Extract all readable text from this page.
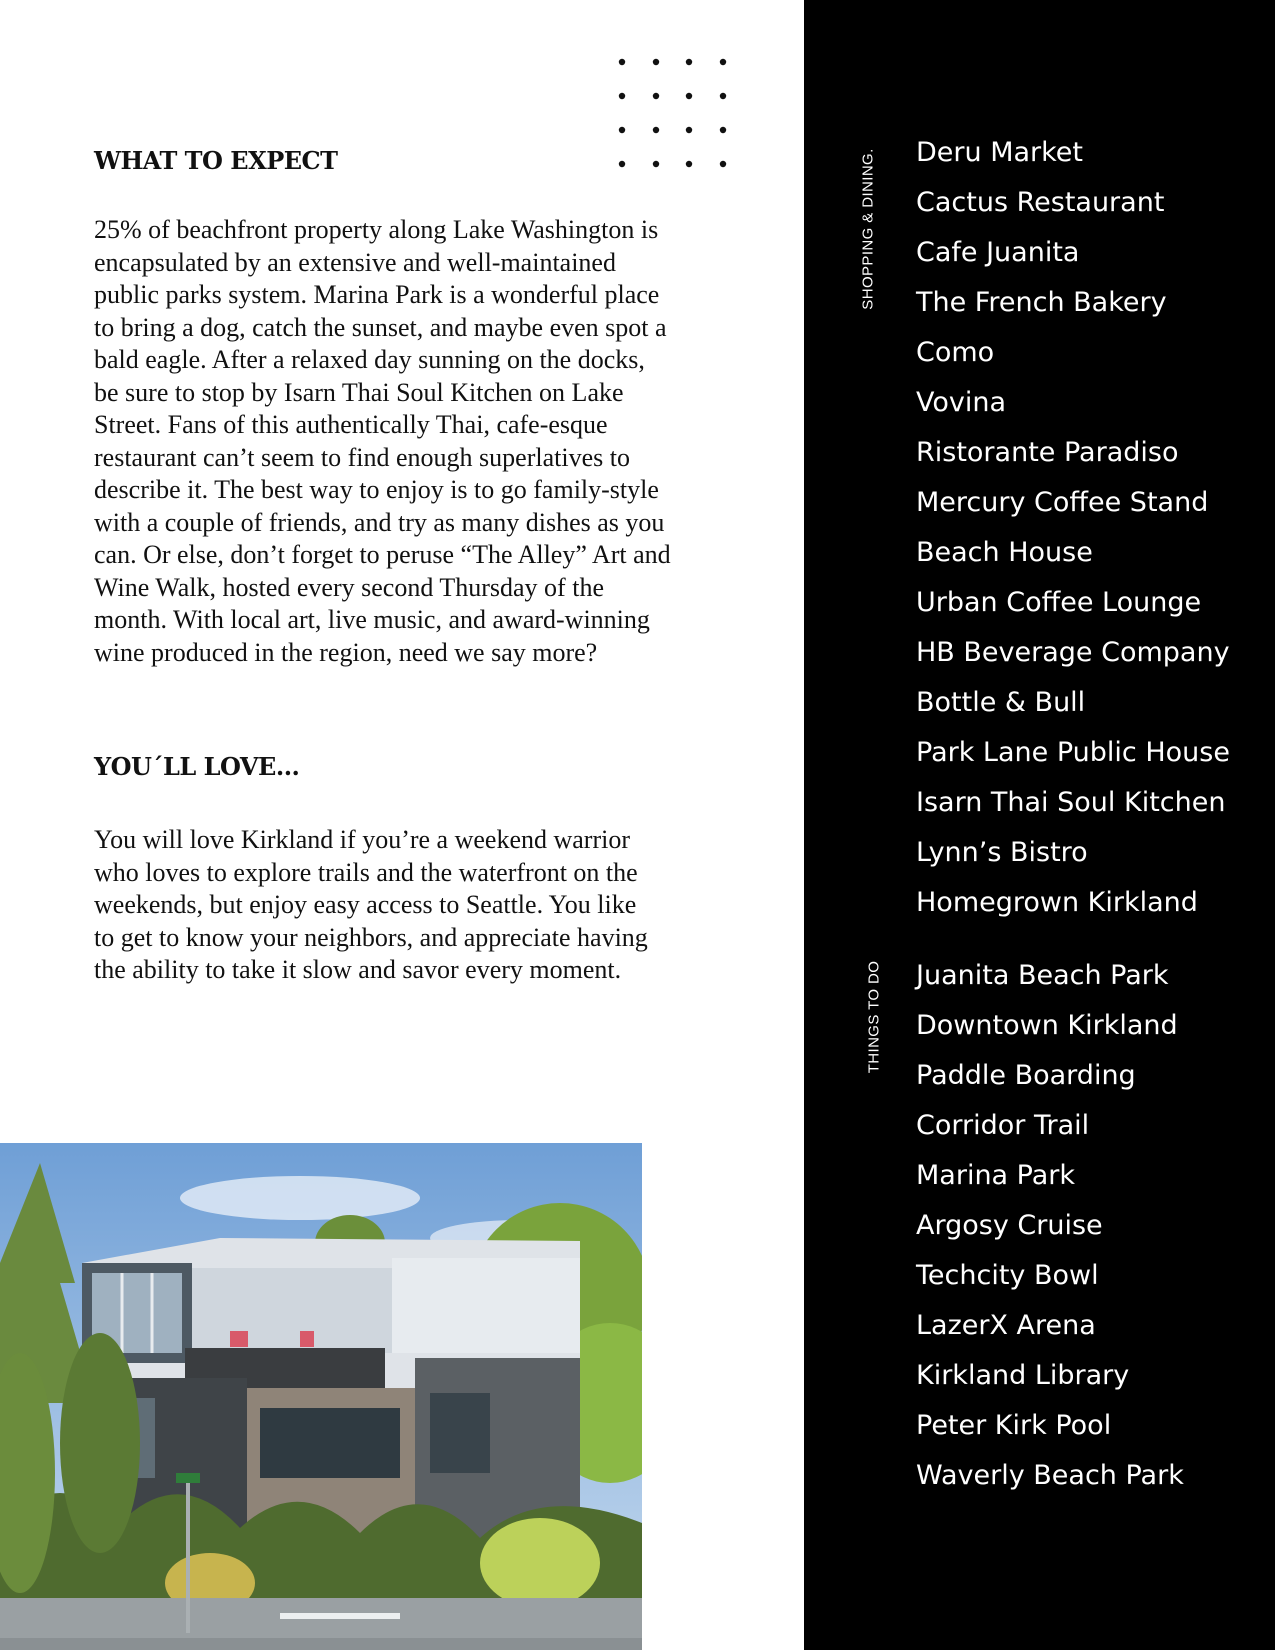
WHAT TO EXPECT

25% of beachfront property along Lake Washington is encapsulated by an extensive and well-maintained public parks system. Marina Park is a wonderful place to bring a dog, catch the sunset, and maybe even spot a bald eagle. After a relaxed day sunning on the docks, be sure to stop by Isarn Thai Soul Kitchen on Lake Street. Fans of this authentically Thai, cafe-esque restaurant can’t seem to find enough superlatives to describe it. The best way to enjoy is to go family-style with a couple of friends, and try as many dishes as you can. Or else, don’t forget to peruse “The Alley” Art and Wine Walk, hosted every second Thursday of the month. With local art, live music, and award-winning wine produced in the region, need we say more?

YOU´LL LOVE...

You will love Kirkland if you’re a weekend warrior who loves to explore trails and the waterfront on the weekends, but enjoy easy access to Seattle. You like to get to know your neighbors, and appreciate having the ability to take it slow and savor every moment.

SHOPPING & DINING. Deru Market
Cactus Restaurant
Cafe Juanita
The French Bakery
Como
Vovina
Ristorante Paradiso
Mercury Coffee Stand
Beach House
Urban Coffee Lounge
HB Beverage Company
Bottle & Bull
Park Lane Public House
Isarn Thai Soul Kitchen
Lynn’s Bistro
Homegrown Kirkland
THINGS TO DO Juanita Beach Park
Downtown Kirkland
Paddle Boarding
Corridor Trail
Marina Park
Argosy Cruise
Techcity Bowl
LazerX Arena
Kirkland Library
Peter Kirk Pool
Waverly Beach Park
